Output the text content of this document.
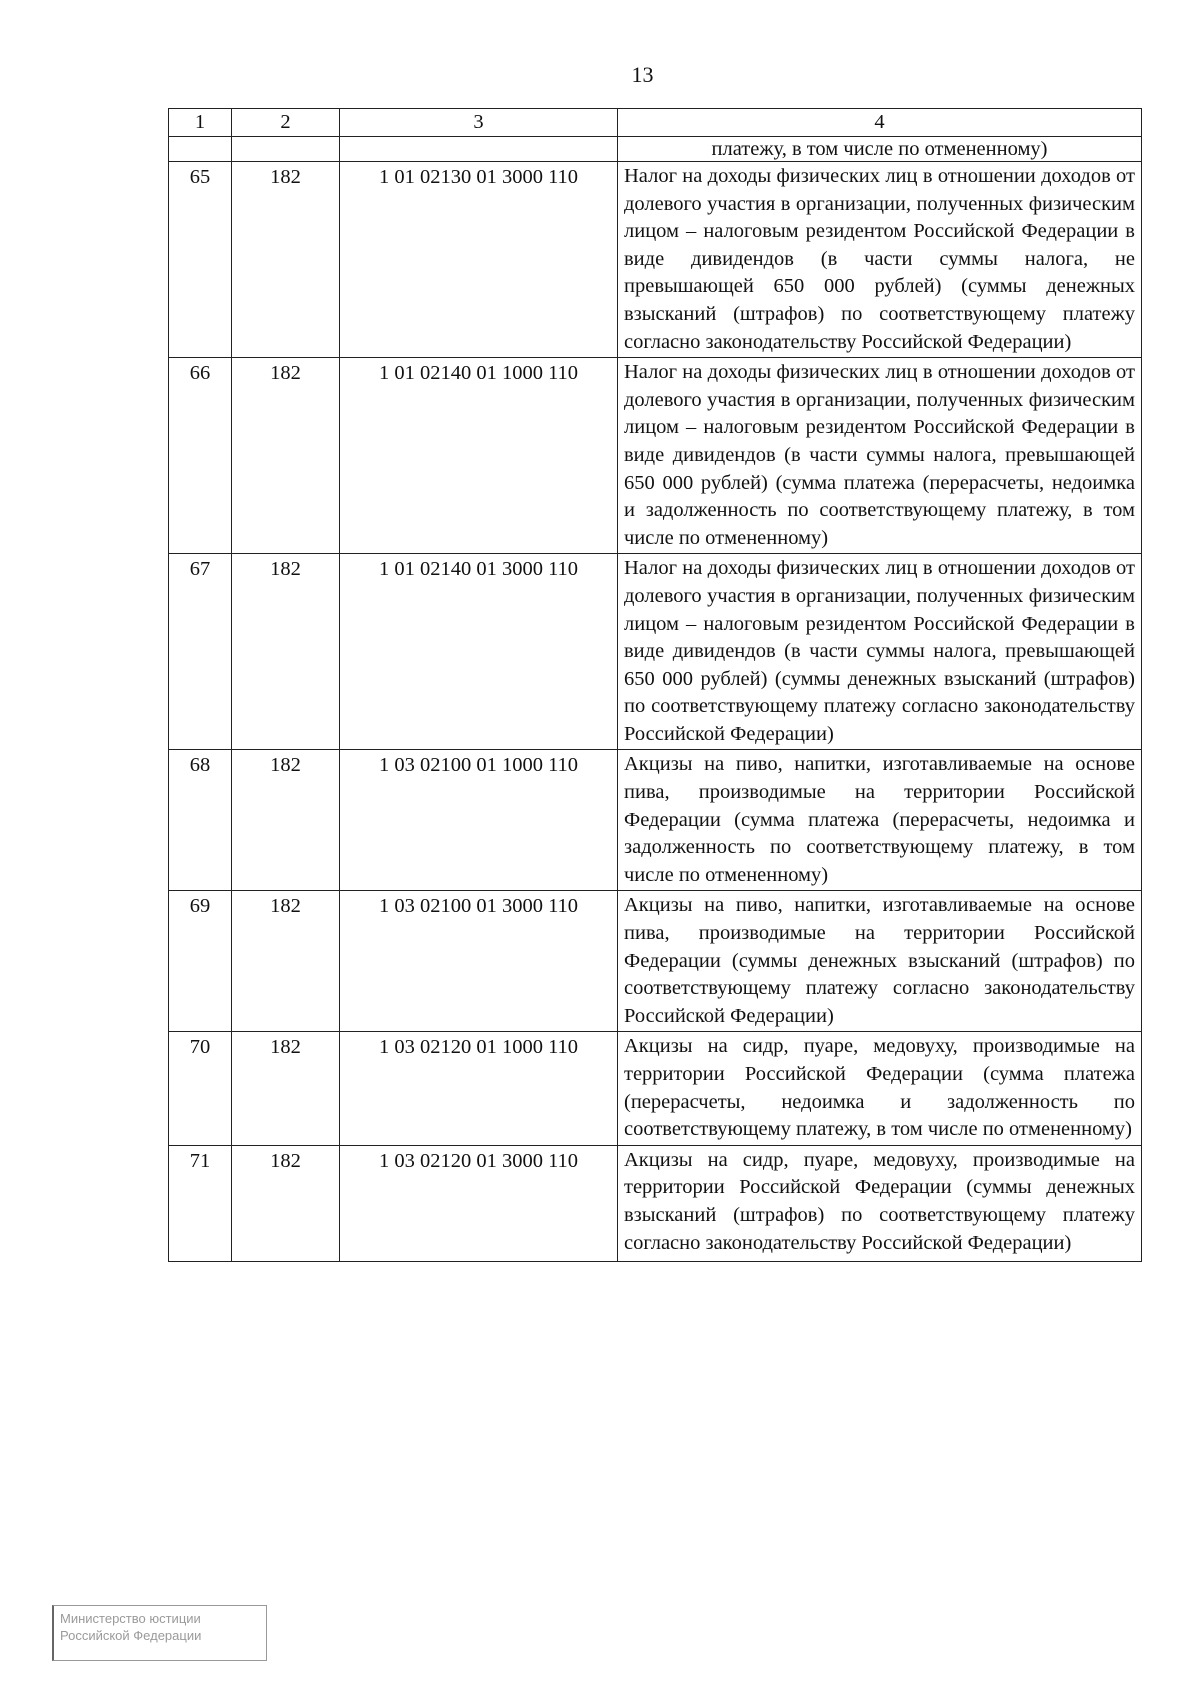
13
1	2	3	4
			платежу, в том числе по отмененному)
65	182	1 01 02130 01 3000 110	Налог на доходы физических лиц в отношении доходов от долевого участия в организации, полученных физическим лицом – налоговым резидентом Российской Федерации в виде дивидендов (в части суммы налога, не превышающей 650 000 рублей) (суммы денежных взысканий (штрафов) по соответствующему платежу согласно законодательству Российской Федерации)
66	182	1 01 02140 01 1000 110	Налог на доходы физических лиц в отношении доходов от долевого участия в организации, полученных физическим лицом – налоговым резидентом Российской Федерации в виде дивидендов (в части суммы налога, превышающей 650 000 рублей) (сумма платежа (перерасчеты, недоимка и задолженность по соответствующему платежу, в том числе по отмененному)
67	182	1 01 02140 01 3000 110	Налог на доходы физических лиц в отношении доходов от долевого участия в организации, полученных физическим лицом – налоговым резидентом Российской Федерации в виде дивидендов (в части суммы налога, превышающей 650 000 рублей) (суммы денежных взысканий (штрафов) по соответствующему платежу согласно законодательству Российской Федерации)
68	182	1 03 02100 01 1000 110	Акцизы на пиво, напитки, изготавливаемые на основе пива, производимые на территории Российской Федерации (сумма платежа (перерасчеты, недоимка и задолженность по соответствующему платежу, в том числе по отмененному)
69	182	1 03 02100 01 3000 110	Акцизы на пиво, напитки, изготавливаемые на основе пива, производимые на территории Российской Федерации (суммы денежных взысканий (штрафов) по соответствующему платежу согласно законодательству Российской Федерации)
70	182	1 03 02120 01 1000 110	Акцизы на сидр, пуаре, медовуху, производимые на территории Российской Федерации (сумма платежа (перерасчеты, недоимка и задолженность по соответствующему платежу, в том числе по отмененному)
71	182	1 03 02120 01 3000 110	Акцизы на сидр, пуаре, медовуху, производимые на территории Российской Федерации (суммы денежных взысканий (штрафов) по соответствующему платежу согласно законодательству Российской Федерации)
Министерство юстиции
Российской Федерации
